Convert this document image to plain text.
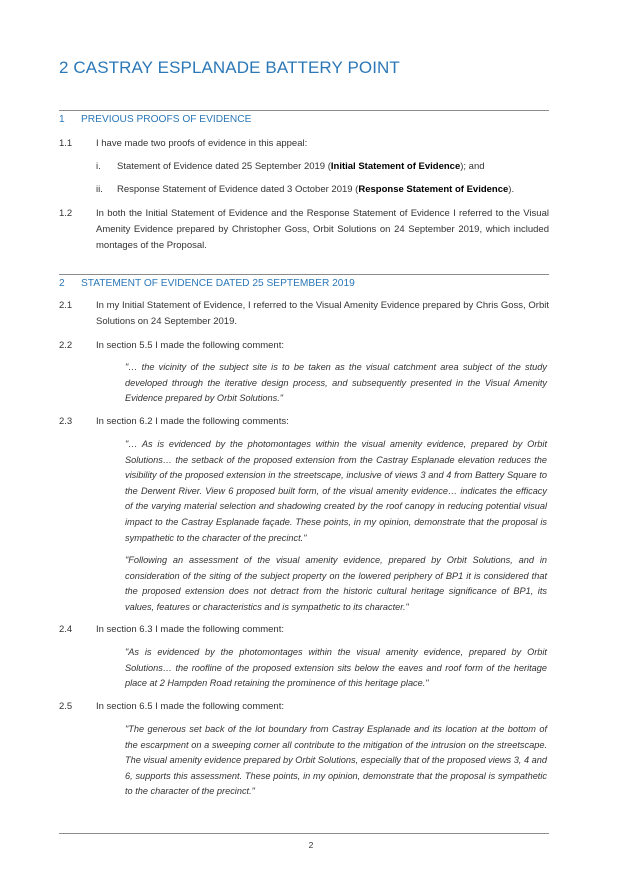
2 CASTRAY ESPLANADE BATTERY POINT
1 PREVIOUS PROOFS OF EVIDENCE
1.1	I have made two proofs of evidence in this appeal:
i. Statement of Evidence dated 25 September 2019 (Initial Statement of Evidence); and
ii. Response Statement of Evidence dated 3 October 2019 (Response Statement of Evidence).
1.2	In both the Initial Statement of Evidence and the Response Statement of Evidence I referred to the Visual Amenity Evidence prepared by Christopher Goss, Orbit Solutions on 24 September 2019, which included montages of the Proposal.
2 STATEMENT OF EVIDENCE DATED 25 SEPTEMBER 2019
2.1	In my Initial Statement of Evidence, I referred to the Visual Amenity Evidence prepared by Chris Goss, Orbit Solutions on 24 September 2019.
2.2	In section 5.5 I made the following comment:
"… the vicinity of the subject site is to be taken as the visual catchment area subject of the study developed through the iterative design process, and subsequently presented in the Visual Amenity Evidence prepared by Orbit Solutions."
2.3	In section 6.2 I made the following comments:
"… As is evidenced by the photomontages within the visual amenity evidence, prepared by Orbit Solutions… the setback of the proposed extension from the Castray Esplanade elevation reduces the visibility of the proposed extension in the streetscape, inclusive of views 3 and 4 from Battery Square to the Derwent River. View 6 proposed built form, of the visual amenity evidence… indicates the efficacy of the varying material selection and shadowing created by the roof canopy in reducing potential visual impact to the Castray Esplanade façade. These points, in my opinion, demonstrate that the proposal is sympathetic to the character of the precinct."
"Following an assessment of the visual amenity evidence, prepared by Orbit Solutions, and in consideration of the siting of the subject property on the lowered periphery of BP1 it is considered that the proposed extension does not detract from the historic cultural heritage significance of BP1, its values, features or characteristics and is sympathetic to its character."
2.4	In section 6.3 I made the following comment:
"As is evidenced by the photomontages within the visual amenity evidence, prepared by Orbit Solutions… the roofline of the proposed extension sits below the eaves and roof form of the heritage place at 2 Hampden Road retaining the prominence of this heritage place."
2.5	In section 6.5 I made the following comment:
"The generous set back of the lot boundary from Castray Esplanade and its location at the bottom of the escarpment on a sweeping corner all contribute to the mitigation of the intrusion on the streetscape. The visual amenity evidence prepared by Orbit Solutions, especially that of the proposed views 3, 4 and 6, supports this assessment. These points, in my opinion, demonstrate that the proposal is sympathetic to the character of the precinct."
2
